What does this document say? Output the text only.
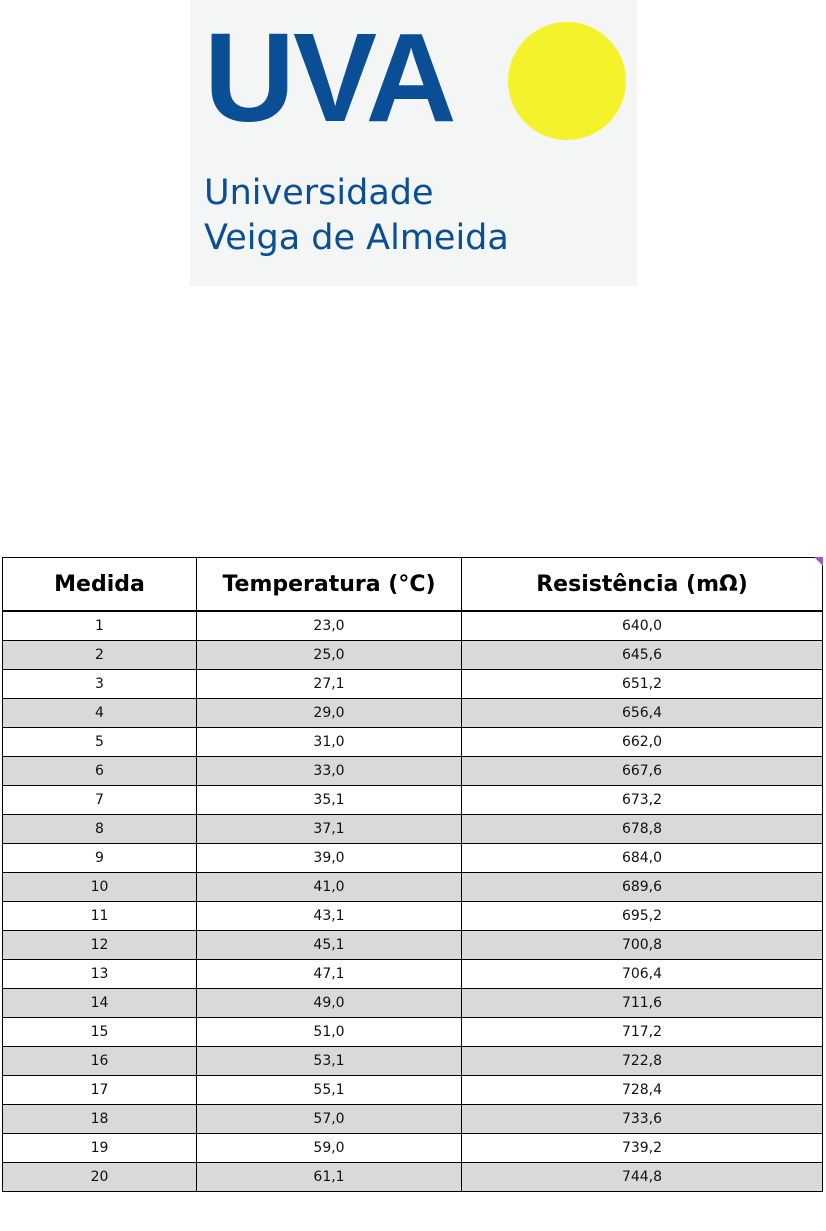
UVA
Universidade
Veiga de Almeida
Medida	Temperatura (°C)	Resistência (mΩ)
1	23,0	640,0
2	25,0	645,6
3	27,1	651,2
4	29,0	656,4
5	31,0	662,0
6	33,0	667,6
7	35,1	673,2
8	37,1	678,8
9	39,0	684,0
10	41,0	689,6
11	43,1	695,2
12	45,1	700,8
13	47,1	706,4
14	49,0	711,6
15	51,0	717,2
16	53,1	722,8
17	55,1	728,4
18	57,0	733,6
19	59,0	739,2
20	61,1	744,8
